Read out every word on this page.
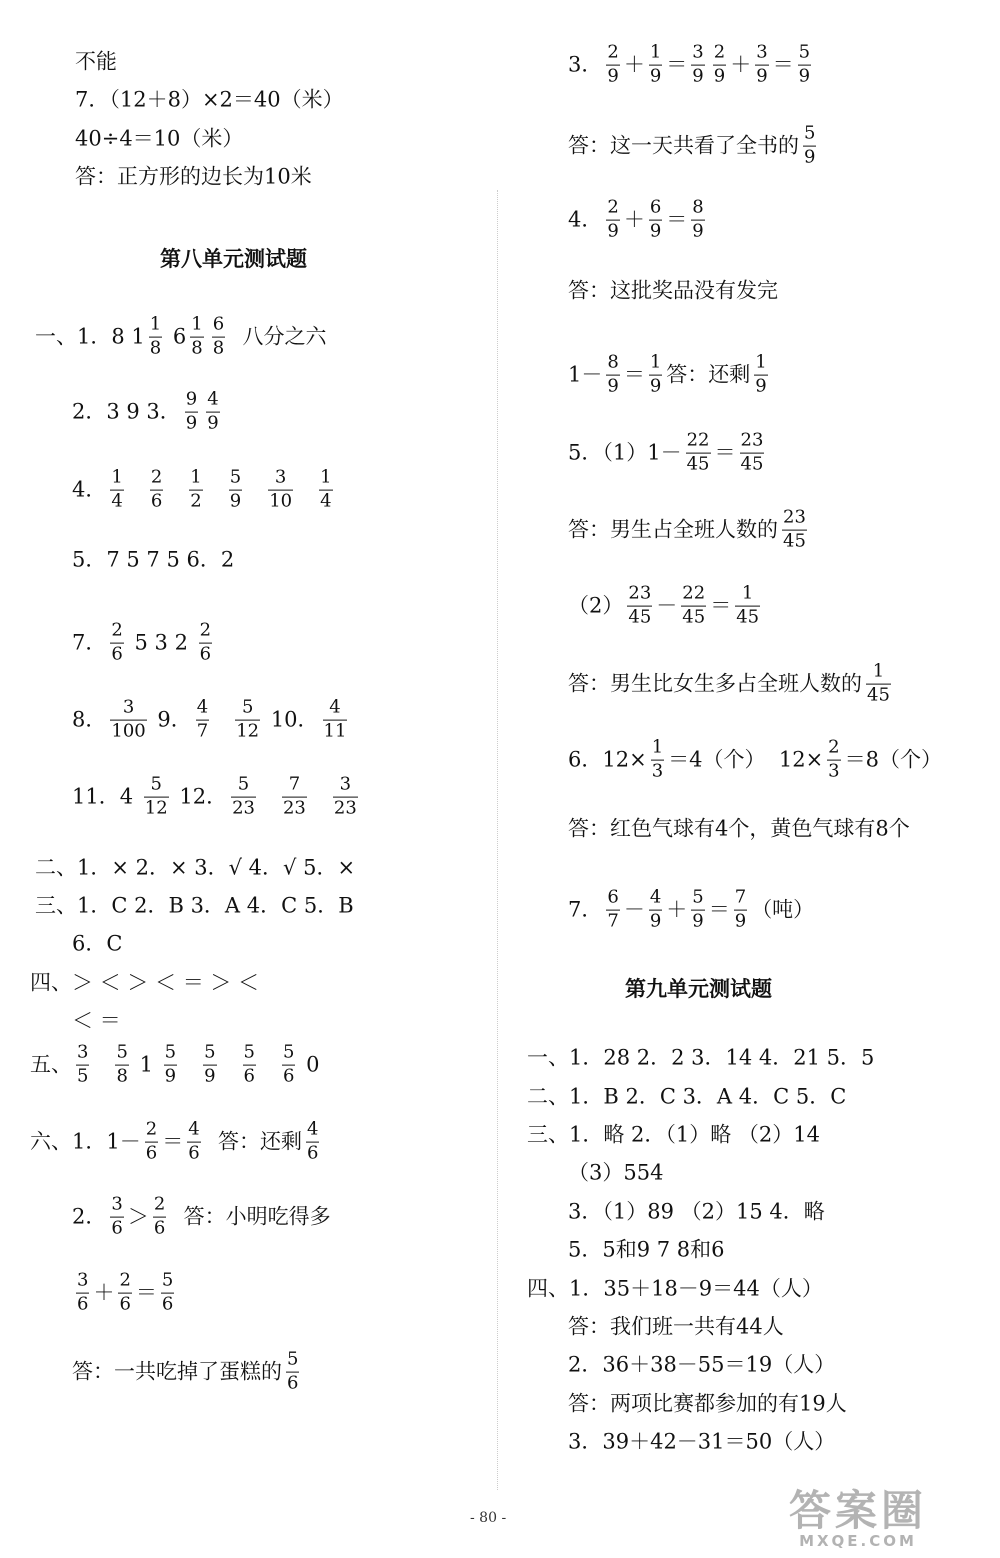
第八单元测试题
不能
7．（12＋8）×2＝40（米）
40÷4＝10（米）
答：正方形的边长为10米
一、1．8 1
1
8 6
1
8
6
8 八分之六
2．3 9 3．
9
9
4
9
4．
1
4
2
6
1
2
5
9
3
10
1
4
5．7 5 7 5 6．2
7．
2
6 5 3 2
2
6
8．
3
100 9．
4
7
5
12 10．
4
11
11．4
5
12 12．
5
23
7
23
3
23
二、1．× 2．× 3．√ 4．√ 5．×
三、1．C 2．B 3．A 4．C 5．B
6．C
四、＞ ＜ ＞ ＜ ＝ ＞ ＜
＜ ＝
五、
3
5
5
8 1
5
9
5
9
5
6
5
6 0
六、1．1－
2
6 ＝
4
6 答：还剩
4
6
2．
3
6 ＞
2
6 答：小明吃得多
3
6 ＋
2
6 ＝
5
6
答：一共吃掉了蛋糕的
5
6
第九单元测试题
3．
2
9 ＋
1
9 ＝
3
9
2
9 ＋
3
9 ＝
5
9
答：这一天共看了全书的
5
9
4．
2
9 ＋
6
9 ＝
8
9
答：这批奖品没有发完
1－
8
9 ＝
1
9 答：还剩
1
9
5．（1）1－
22
45 ＝
23
45
答：男生占全班人数的
23
45
（2）
23
45 －
22
45 ＝
1
45
答：男生比女生多占全班人数的
1
45
6．12×
1
3 ＝4（个）  12×
2
3 ＝8（个）
答：红色气球有4个，黄色气球有8个
7．
6
7 －
4
9 ＋
5
9 ＝
7
9 （吨）
一、1．28 2．2 3．14 4．21 5．5
二、1．B 2．C 3．A 4．C 5．C
三、1．略 2．（1）略 （2）14
（3）554
3．（1）89 （2）15 4．略
5．5和9 7 8和6
四、1．35＋18－9＝44（人）
答：我们班一共有44人
2．36＋38－55＝19（人）
答：两项比赛都参加的有19人
3．39＋42－31＝50（人）
- 80 -	答案圈
MXQE.COM
